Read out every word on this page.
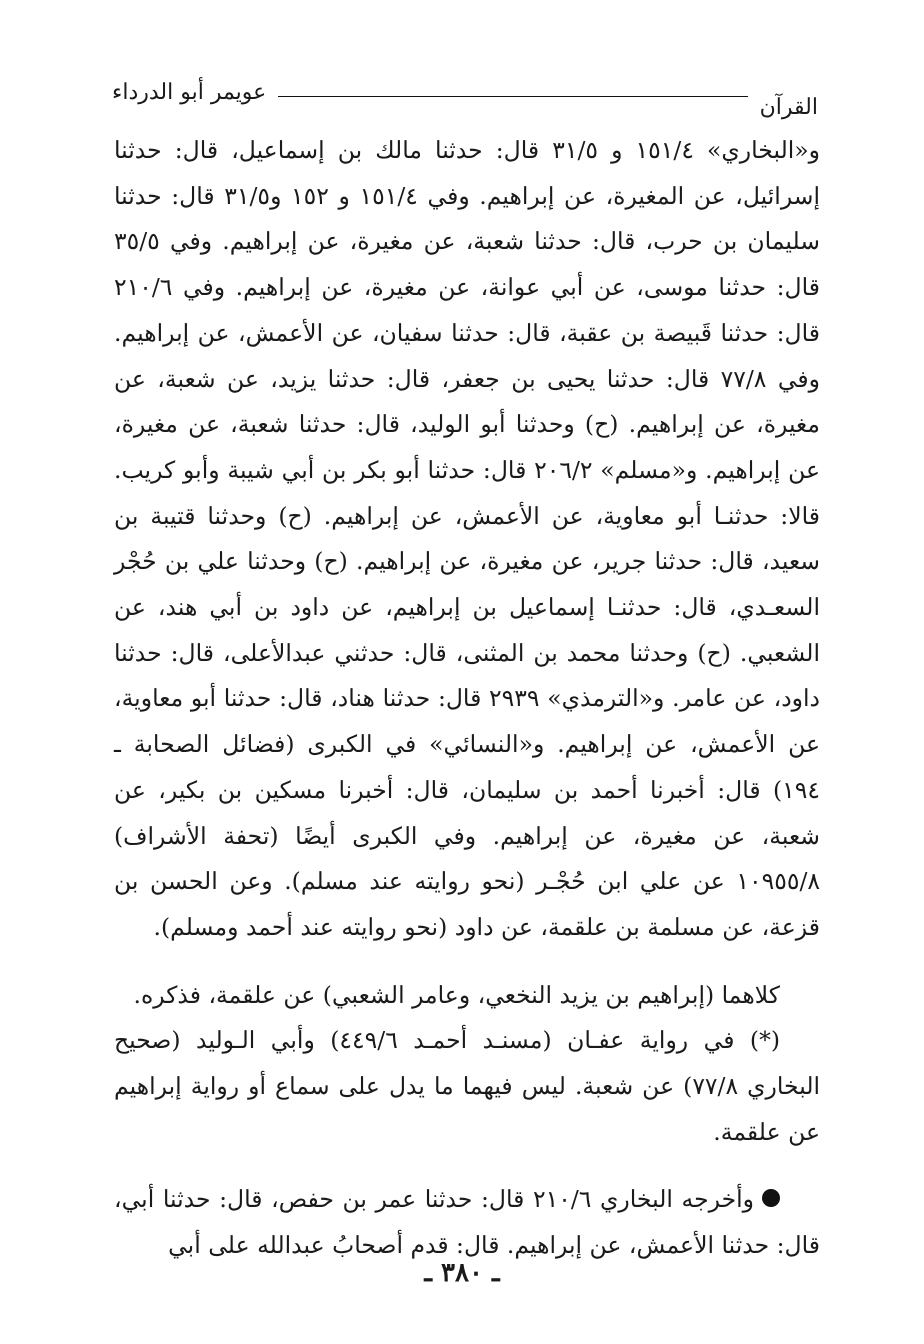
القرآن
عويمر أبو الدرداء

و«البخاري» ١٥١/٤ و ٣١/٥ قال: حدثنا مالك بن إسماعيل، قال: حدثنا إسرائيل، عن المغيرة، عن إبراهيم. وفي ١٥١/٤ و ١٥٢ و٣١/٥ قال: حدثنا سليمان بن حرب، قال: حدثنا شعبة، عن مغيرة، عن إبراهيم. وفي ٣٥/٥ قال: حدثنا موسى، عن أبي عوانة، عن مغيرة، عن إبراهيم. وفي ٢١٠/٦ قال: حدثنا قَبيصة بن عقبة، قال: حدثنا سفيان، عن الأعمش، عن إبراهيم. وفي ٧٧/٨ قال: حدثنا يحيى بن جعفر، قال: حدثنا يزيد، عن شعبة، عن مغيرة، عن إبراهيم. (ح) وحدثنا أبو الوليد، قال: حدثنا شعبة، عن مغيرة، عن إبراهيم. و«مسلم» ٢٠٦/٢ قال: حدثنا أبو بكر بن أبي شيبة وأبو كريب. قالا: حدثنـا أبو معاوية، عن الأعمش، عن إبراهيم. (ح) وحدثنا قتيبة بن سعيد، قال: حدثنا جرير، عن مغيرة، عن إبراهيم. (ح) وحدثنا علي بن حُجْر السعـدي، قال: حدثنـا إسماعيل بن إبراهيم، عن داود بن أبي هند، عن الشعبي. (ح) وحدثنا محمد بن المثنى، قال: حدثني عبدالأعلى، قال: حدثنا داود، عن عامر. و«الترمذي» ٢٩٣٩ قال: حدثنا هناد، قال: حدثنا أبو معاوية، عن الأعمش، عن إبراهيم. و«النسائي» في الكبرى (فضائل الصحابة ـ ١٩٤) قال: أخبرنا أحمد بن سليمان، قال: أخبرنا مسكين بن بكير، عن شعبة، عن مغيرة، عن إبراهيم. وفي الكبرى أيضًا (تحفة الأشراف) ١٠٩٥٥/٨ عن علي ابن حُجْـر (نحو روايته عند مسلم). وعن الحسن بن قزعة، عن مسلمة بن علقمة، عن داود (نحو روايته عند أحمد ومسلم).

كلاهما (إبراهيم بن يزيد النخعي، وعامر الشعبي) عن علقمة، فذكره.

(*) في رواية عفـان (مسنـد أحمـد ٤٤٩/٦) وأبي الـوليد (صحيح البخاري ٧٧/٨) عن شعبة. ليس فيهما ما يدل على سماع أو رواية إبراهيم عن علقمة.

وأخرجه البخاري ٢١٠/٦ قال: حدثنا عمر بن حفص، قال: حدثنا أبي، قال: حدثنا الأعمش، عن إبراهيم. قال: قدم أصحابُ عبدالله على أبي

ـ ٣٨٠ ـ
